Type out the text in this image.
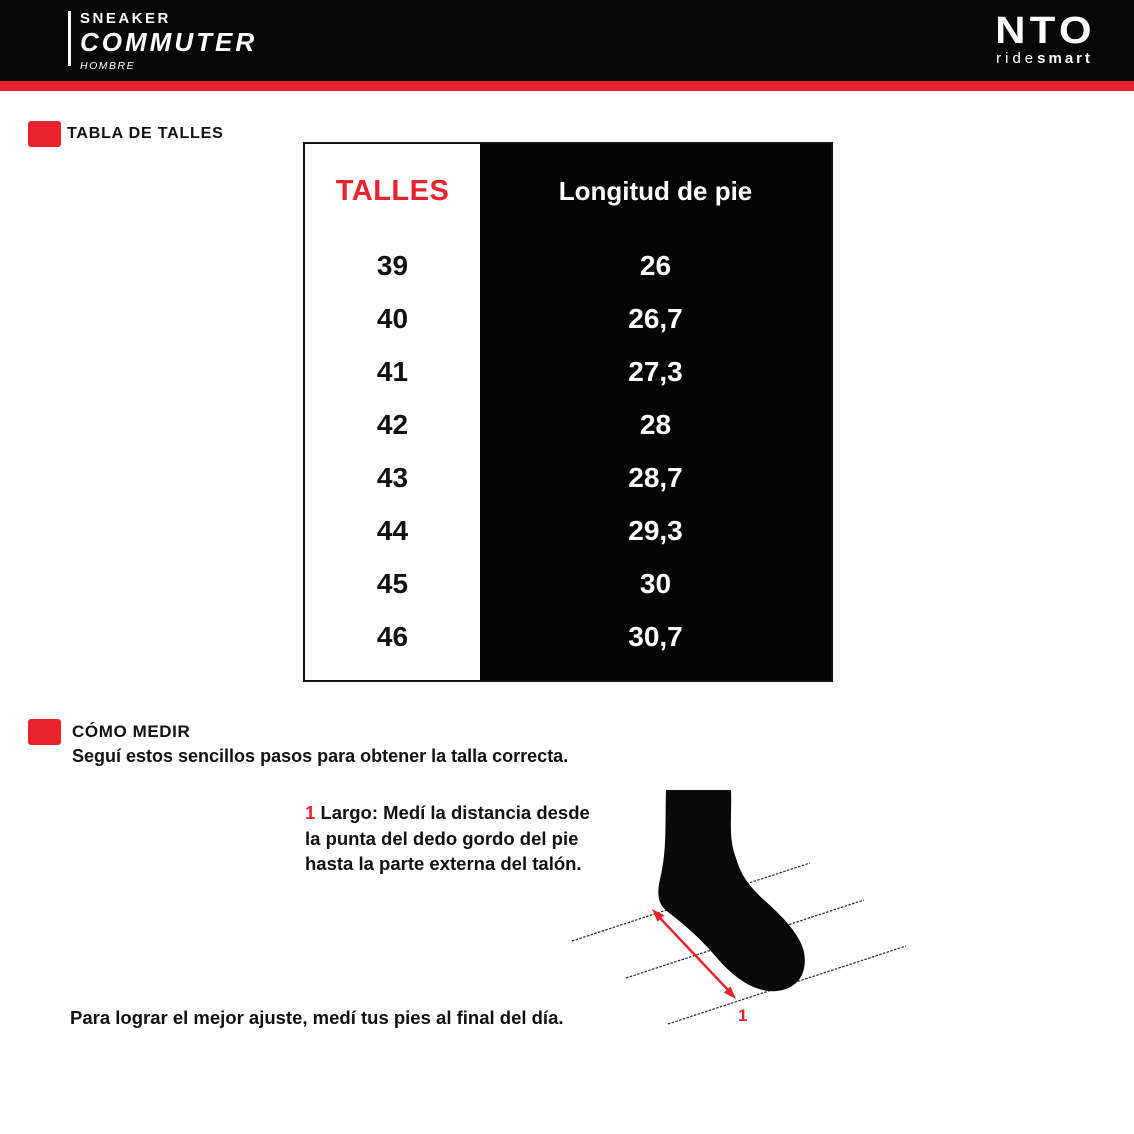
SNEAKER
COMMUTER
HOMBRE
NTO
ridesmart
TABLA DE TALLES
TALLES
39
40
41
42
43
44
45
46
Longitud de pie
26
26,7
27,3
28
28,7
29,3
30
30,7
CÓMO MEDIR
Seguí estos sencillos pasos para obtener la talla correcta.
1 Largo: Medí la distancia desde
la punta del dedo gordo del pie
hasta la parte externa del talón.
1
Para lograr el mejor ajuste, medí tus pies al final del día.
